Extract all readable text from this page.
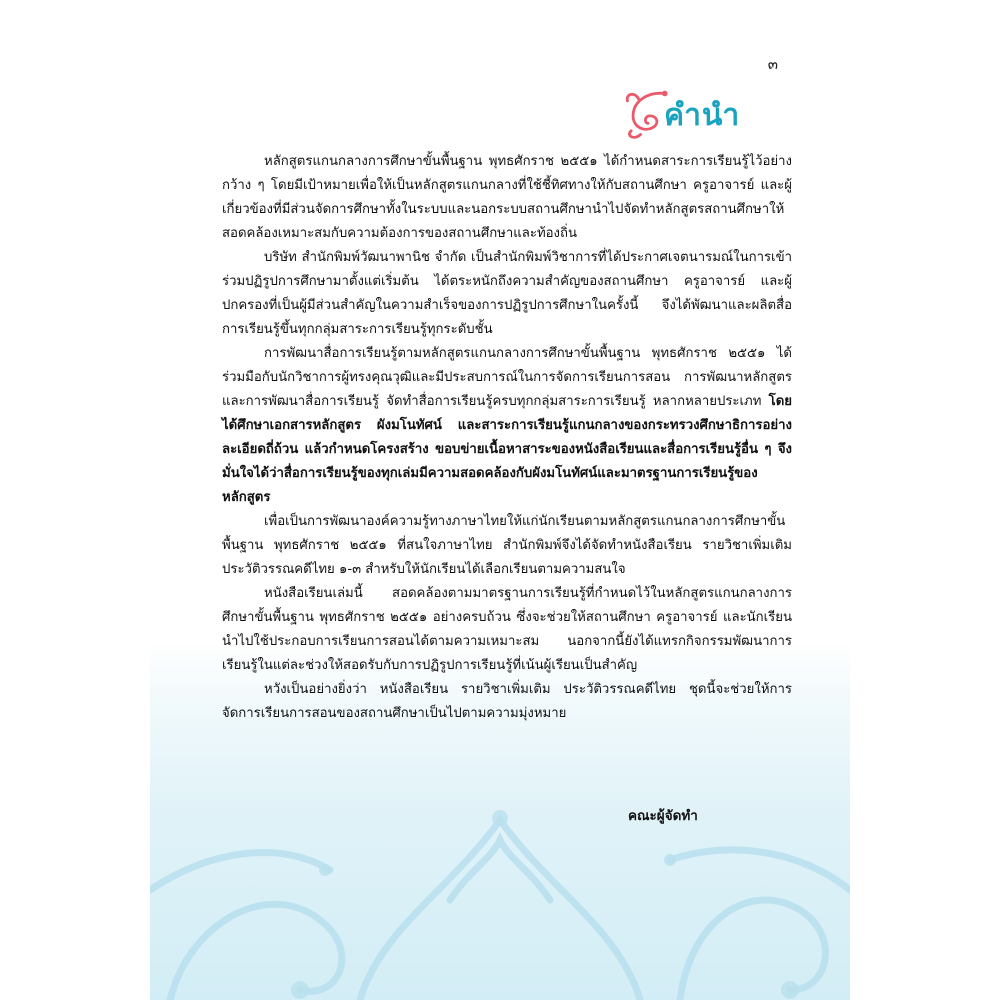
๓
คำนำ

หลักสูตรแกนกลางการศึกษาขั้นพื้นฐาน พุทธศักราช ๒๕๕๑ ได้กำหนดสาระการเรียนรู้ไว้อย่างกว้าง ๆ โดยมีเป้าหมายเพื่อให้เป็นหลักสูตรแกนกลางที่ใช้ชี้ทิศทางให้กับสถานศึกษา ครูอาจารย์ และผู้เกี่ยวข้องที่มีส่วนจัดการศึกษาทั้งในระบบและนอกระบบสถานศึกษานำไปจัดทำหลักสูตรสถานศึกษาให้สอดคล้องเหมาะสมกับความต้องการของสถานศึกษาและท้องถิ่น

บริษัท สำนักพิมพ์วัฒนาพานิช จำกัด เป็นสำนักพิมพ์วิชาการที่ได้ประกาศเจตนารมณ์ในการเข้าร่วมปฏิรูปการศึกษามาตั้งแต่เริ่มต้น ได้ตระหนักถึงความสำคัญของสถานศึกษา ครูอาจารย์ และผู้ปกครองที่เป็นผู้มีส่วนสำคัญในความสำเร็จของการปฏิรูปการศึกษาในครั้งนี้ จึงได้พัฒนาและผลิตสื่อการเรียนรู้ขึ้นทุกกลุ่มสาระการเรียนรู้ทุกระดับชั้น

การพัฒนาสื่อการเรียนรู้ตามหลักสูตรแกนกลางการศึกษาขั้นพื้นฐาน พุทธศักราช ๒๕๕๑ ได้ร่วมมือกับนักวิชาการผู้ทรงคุณวุฒิและมีประสบการณ์ในการจัดการเรียนการสอน การพัฒนาหลักสูตรและการพัฒนาสื่อการเรียนรู้ จัดทำสื่อการเรียนรู้ครบทุกกลุ่มสาระการเรียนรู้ หลากหลายประเภท โดยได้ศึกษาเอกสารหลักสูตร ผังมโนทัศน์ และสาระการเรียนรู้แกนกลางของกระทรวงศึกษาธิการอย่างละเอียดถี่ถ้วน แล้วกำหนดโครงสร้าง ขอบข่ายเนื้อหาสาระของหนังสือเรียนและสื่อการเรียนรู้อื่น ๆ จึงมั่นใจได้ว่าสื่อการเรียนรู้ของทุกเล่มมีความสอดคล้องกับผังมโนทัศน์และมาตรฐานการเรียนรู้ของหลักสูตร

เพื่อเป็นการพัฒนาองค์ความรู้ทางภาษาไทยให้แก่นักเรียนตามหลักสูตรแกนกลางการศึกษาขั้นพื้นฐาน พุทธศักราช ๒๕๕๑ ที่สนใจภาษาไทย สำนักพิมพ์จึงได้จัดทำหนังสือเรียน รายวิชาเพิ่มเติม ประวัติวรรณคดีไทย ๑-๓ สำหรับให้นักเรียนได้เลือกเรียนตามความสนใจ

หนังสือเรียนเล่มนี้ สอดคล้องตามมาตรฐานการเรียนรู้ที่กำหนดไว้ในหลักสูตรแกนกลางการศึกษาขั้นพื้นฐาน พุทธศักราช ๒๕๕๑ อย่างครบถ้วน ซึ่งจะช่วยให้สถานศึกษา ครูอาจารย์ และนักเรียนนำไปใช้ประกอบการเรียนการสอนได้ตามความเหมาะสม นอกจากนี้ยังได้แทรกกิจกรรมพัฒนาการเรียนรู้ในแต่ละช่วงให้สอดรับกับการปฏิรูปการเรียนรู้ที่เน้นผู้เรียนเป็นสำคัญ

หวังเป็นอย่างยิ่งว่า หนังสือเรียน รายวิชาเพิ่มเติม ประวัติวรรณคดีไทย ชุดนี้จะช่วยให้การจัดการเรียนการสอนของสถานศึกษาเป็นไปตามความมุ่งหมาย

คณะผู้จัดทำ
